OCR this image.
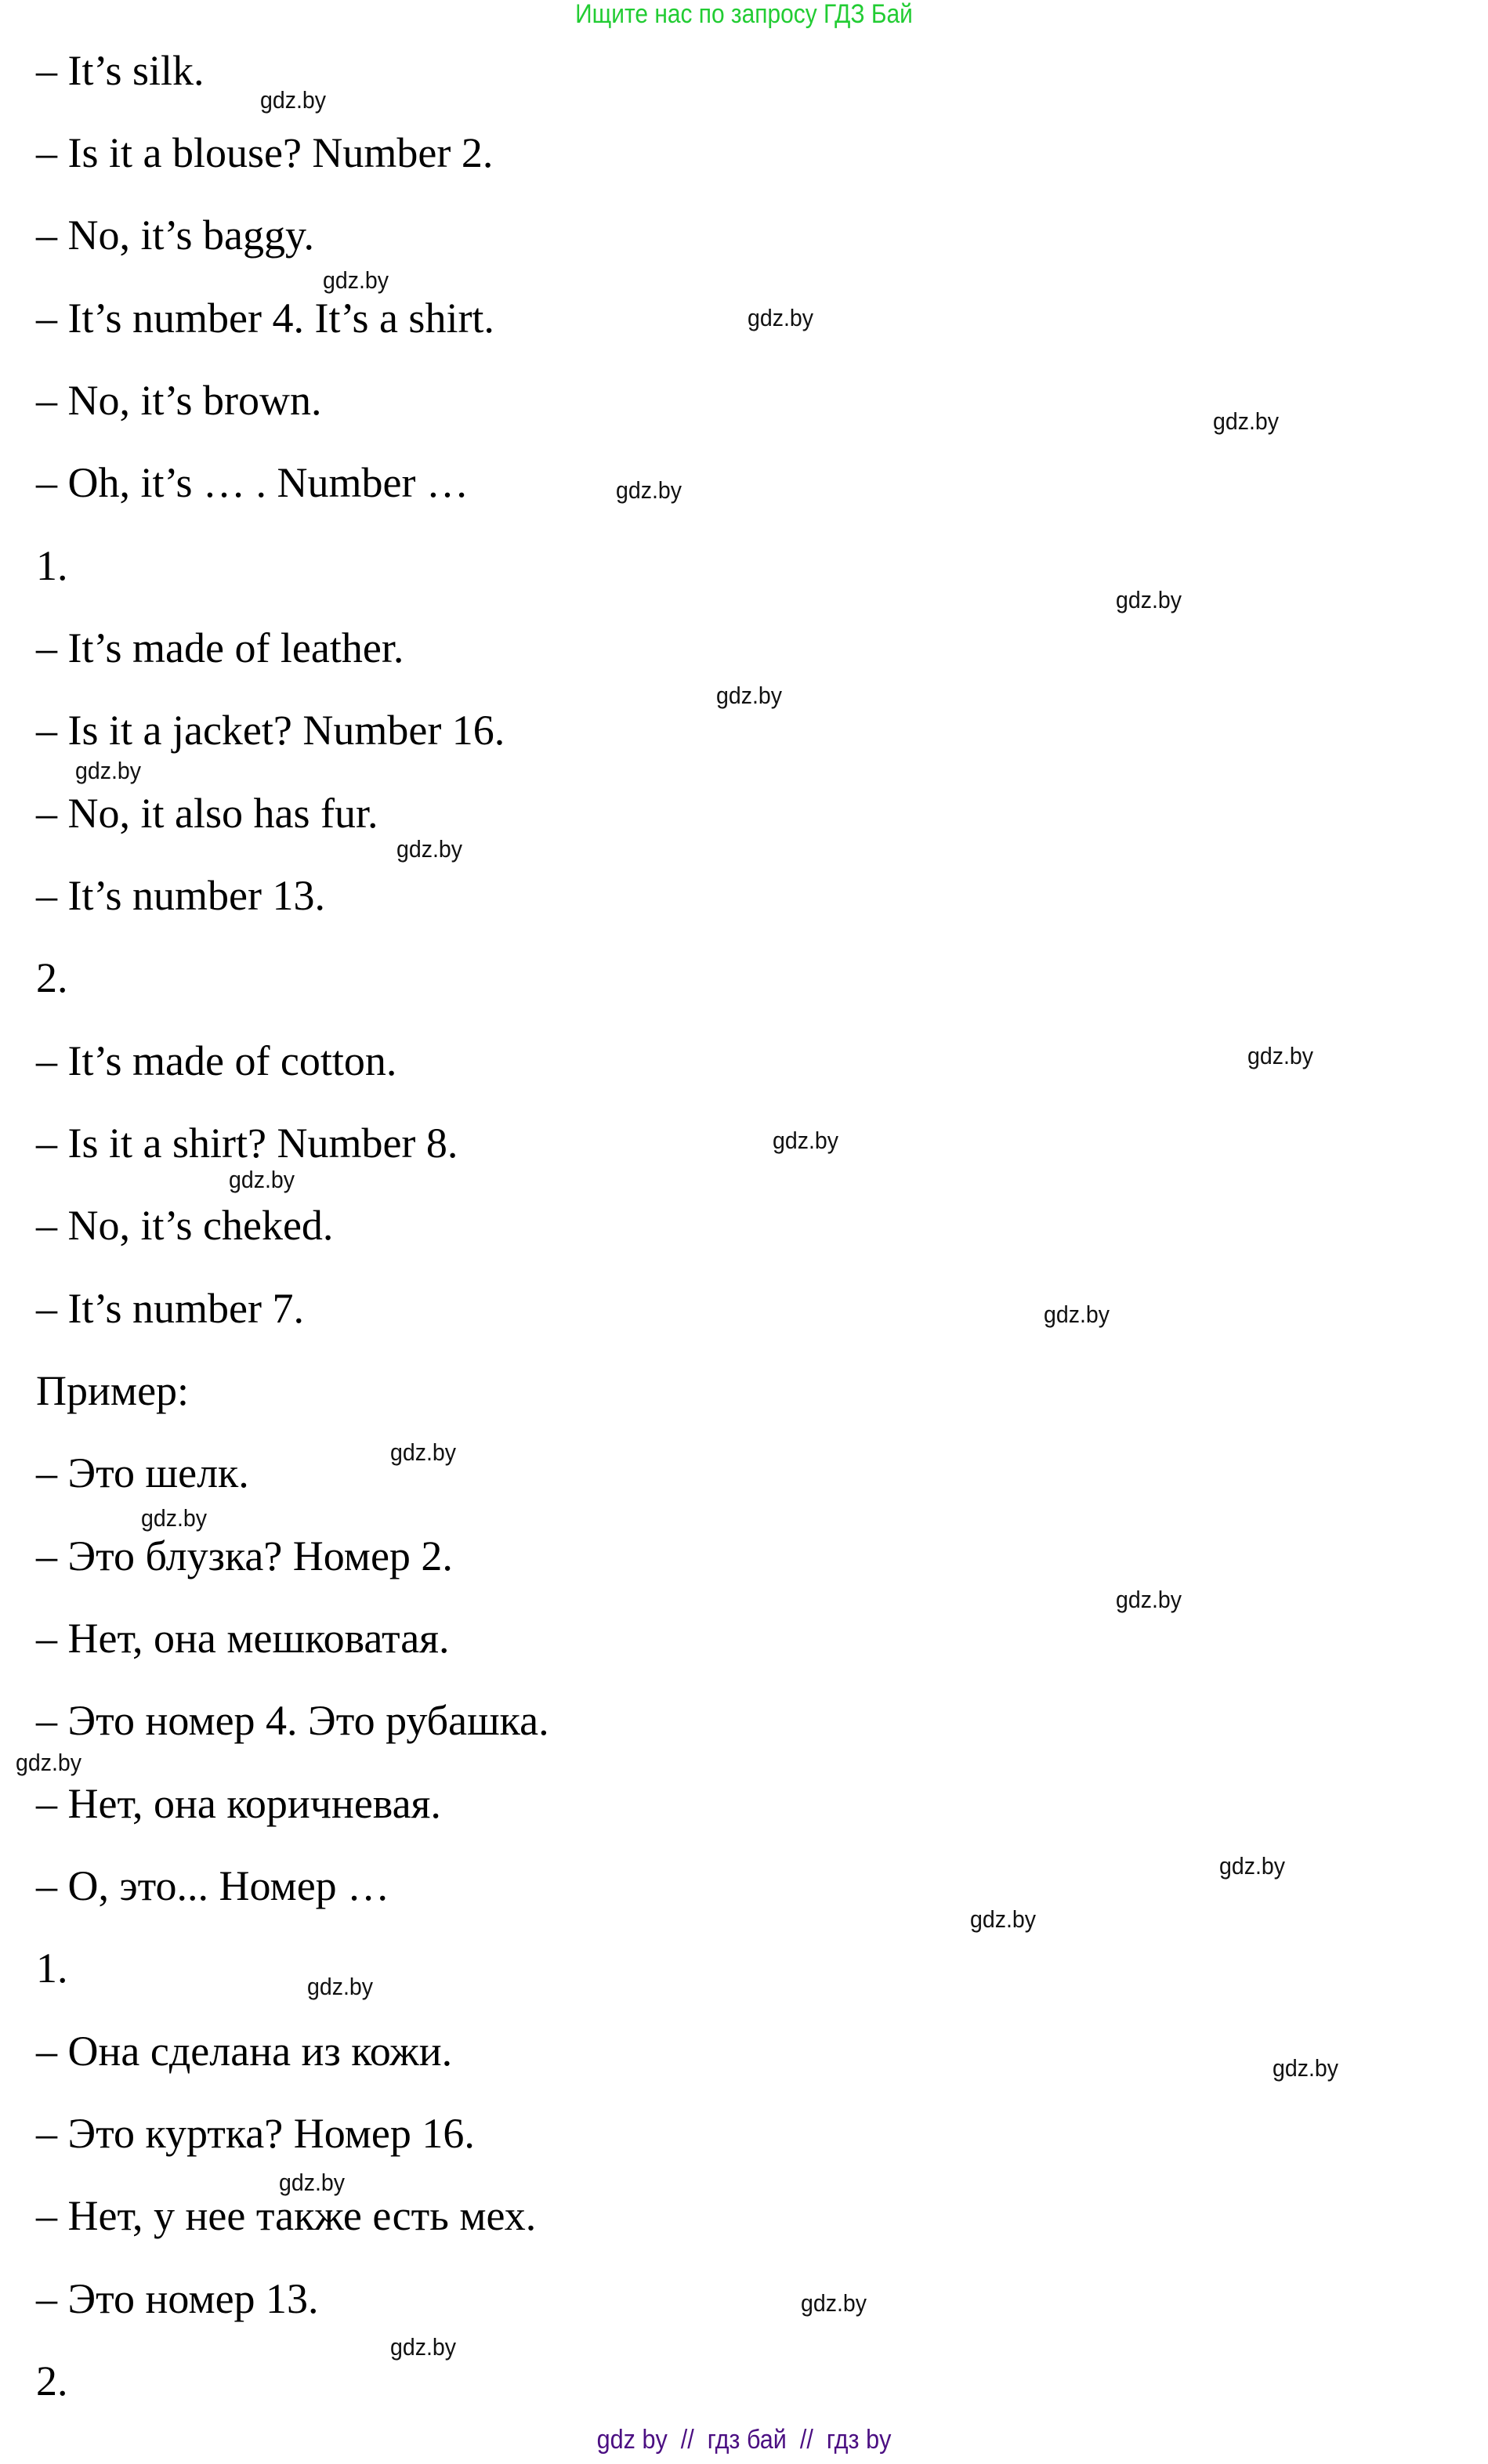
Ищите нас по запросу ГДЗ Бай
– It’s silk.
– Is it a blouse? Number 2.
– No, it’s baggy.
– It’s number 4. It’s a shirt.
– No, it’s brown.
– Oh, it’s … . Number …
1.
– It’s made of leather.
– Is it a jacket? Number 16.
– No, it also has fur.
– It’s number 13.
2.
– It’s made of cotton.
– Is it a shirt? Number 8.
– No, it’s cheked.
– It’s number 7.
Пример:
– Это шелк.
– Это блузка? Номер 2.
– Нет, она мешковатая.
– Это номер 4. Это рубашка.
– Нет, она коричневая.
– О, это... Номер …
1.
– Она сделана из кожи.
– Это куртка? Номер 16.
– Нет, у нее также есть мех.
– Это номер 13.
2.
gdz.by
gdz.by
gdz.by
gdz.by
gdz.by
gdz.by
gdz.by
gdz.by
gdz.by
gdz.by
gdz.by
gdz.by
gdz.by
gdz.by
gdz.by
gdz.by
gdz.by
gdz.by
gdz.by
gdz.by
gdz.by
gdz.by
gdz.by
gdz.by
gdz by  //  гдз бай  //  гдз by
